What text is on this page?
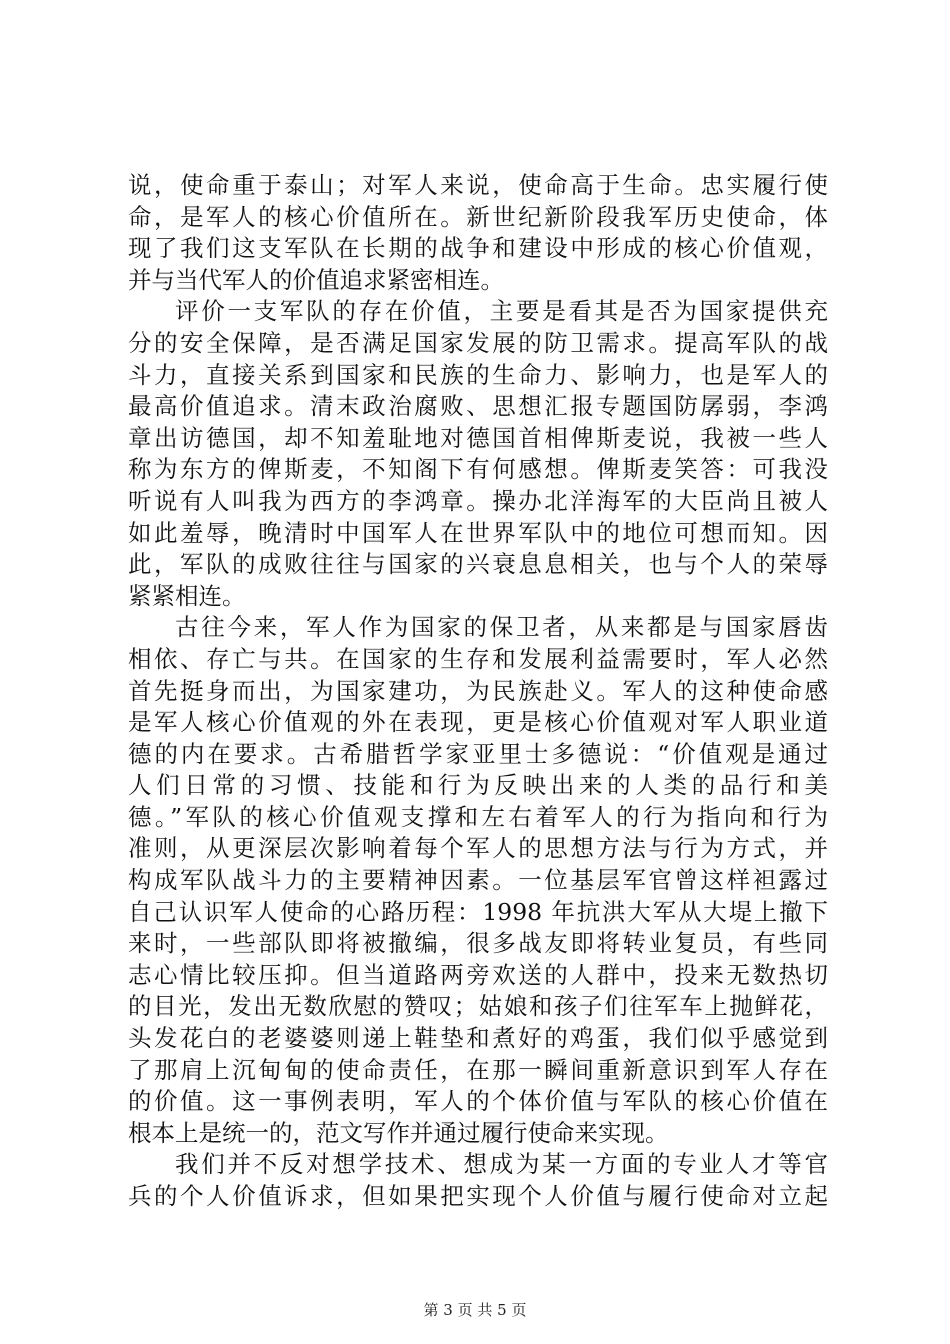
说，使命重于泰山；对军人来说，使命高于生命。忠实履行使
命，是军人的核心价值所在。新世纪新阶段我军历史使命，体
现了我们这支军队在长期的战争和建设中形成的核心价值观，
并与当代军人的价值追求紧密相连。
评价一支军队的存在价值，主要是看其是否为国家提供充
分的安全保障，是否满足国家发展的防卫需求。提高军队的战
斗力，直接关系到国家和民族的生命力、影响力，也是军人的
最高价值追求。清末政治腐败、思想汇报专题国防孱弱，李鸿
章出访德国，却不知羞耻地对德国首相俾斯麦说，我被一些人
称为东方的俾斯麦，不知阁下有何感想。俾斯麦笑答：可我没
听说有人叫我为西方的李鸿章。操办北洋海军的大臣尚且被人
如此羞辱，晚清时中国军人在世界军队中的地位可想而知。因
此，军队的成败往往与国家的兴衰息息相关，也与个人的荣辱
紧紧相连。
古往今来，军人作为国家的保卫者，从来都是与国家唇齿
相依、存亡与共。在国家的生存和发展利益需要时，军人必然
首先挺身而出，为国家建功，为民族赴义。军人的这种使命感
是军人核心价值观的外在表现，更是核心价值观对军人职业道
德的内在要求。古希腊哲学家亚里士多德说：“价值观是通过
人们日常的习惯、技能和行为反映出来的人类的品行和美
德。”军队的核心价值观支撑和左右着军人的行为指向和行为
准则，从更深层次影响着每个军人的思想方法与行为方式，并
构成军队战斗力的主要精神因素。一位基层军官曾这样袒露过
自己认识军人使命的心路历程：1998 年抗洪大军从大堤上撤下
来时，一些部队即将被撤编，很多战友即将转业复员，有些同
志心情比较压抑。但当道路两旁欢送的人群中，投来无数热切
的目光，发出无数欣慰的赞叹；姑娘和孩子们往军车上抛鲜花，
头发花白的老婆婆则递上鞋垫和煮好的鸡蛋，我们似乎感觉到
了那肩上沉甸甸的使命责任，在那一瞬间重新意识到军人存在
的价值。这一事例表明，军人的个体价值与军队的核心价值在
根本上是统一的，范文写作并通过履行使命来实现。
我们并不反对想学技术、想成为某一方面的专业人才等官
兵的个人价值诉求，但如果把实现个人价值与履行使命对立起
第 3 页 共 5 页
